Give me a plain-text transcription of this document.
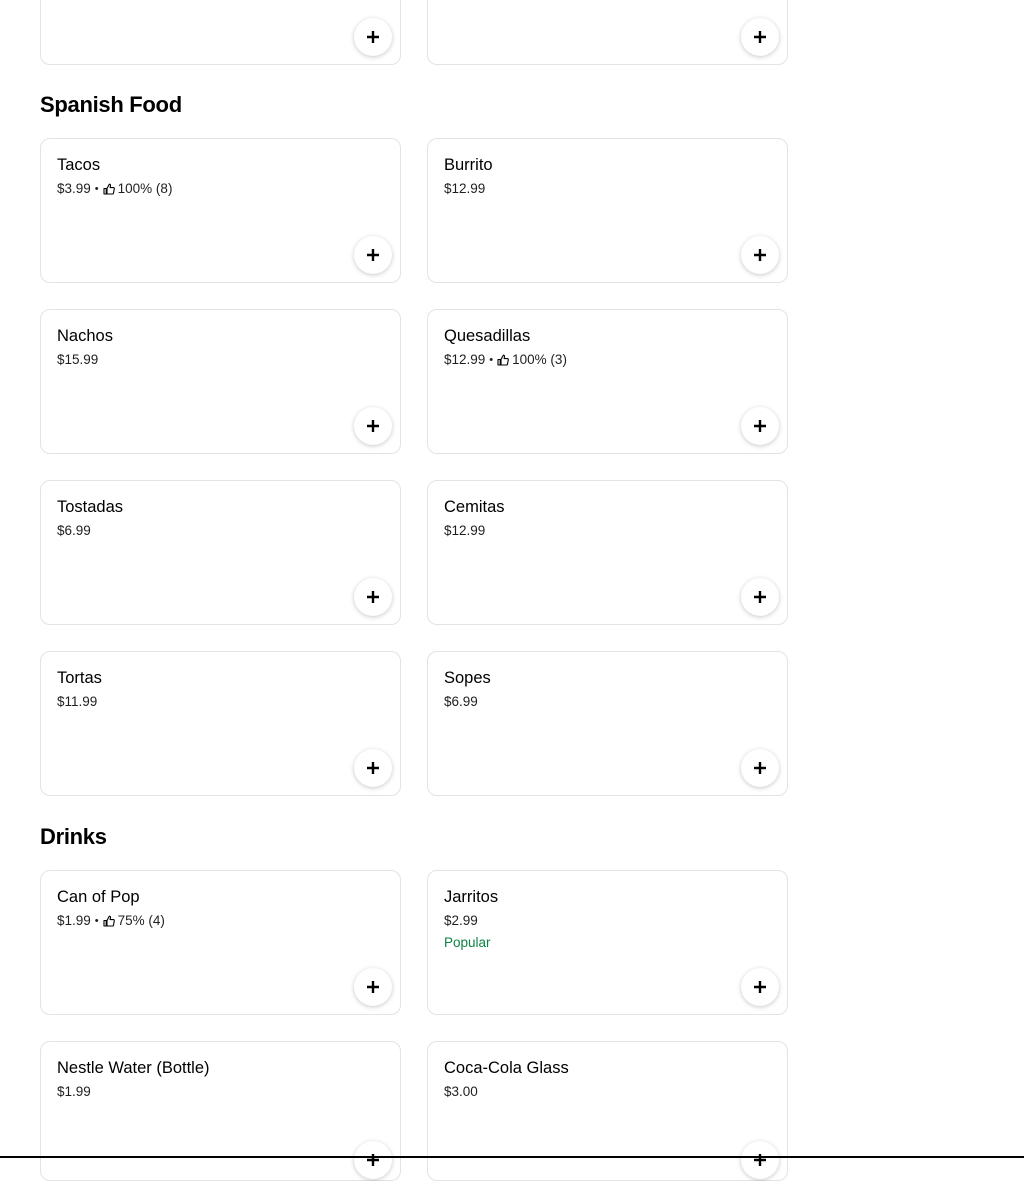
Spanish Food
Tacos
$3.99 • 100% (8)
Burrito
$12.99
Nachos
$15.99
Quesadillas
$12.99 • 100% (3)
Tostadas
$6.99
Cemitas
$12.99
Tortas
$11.99
Sopes
$6.99
Drinks
Can of Pop
$1.99 • 75% (4)
Jarritos
$2.99
Popular
Nestle Water (Bottle)
$1.99
Coca-Cola Glass
$3.00
